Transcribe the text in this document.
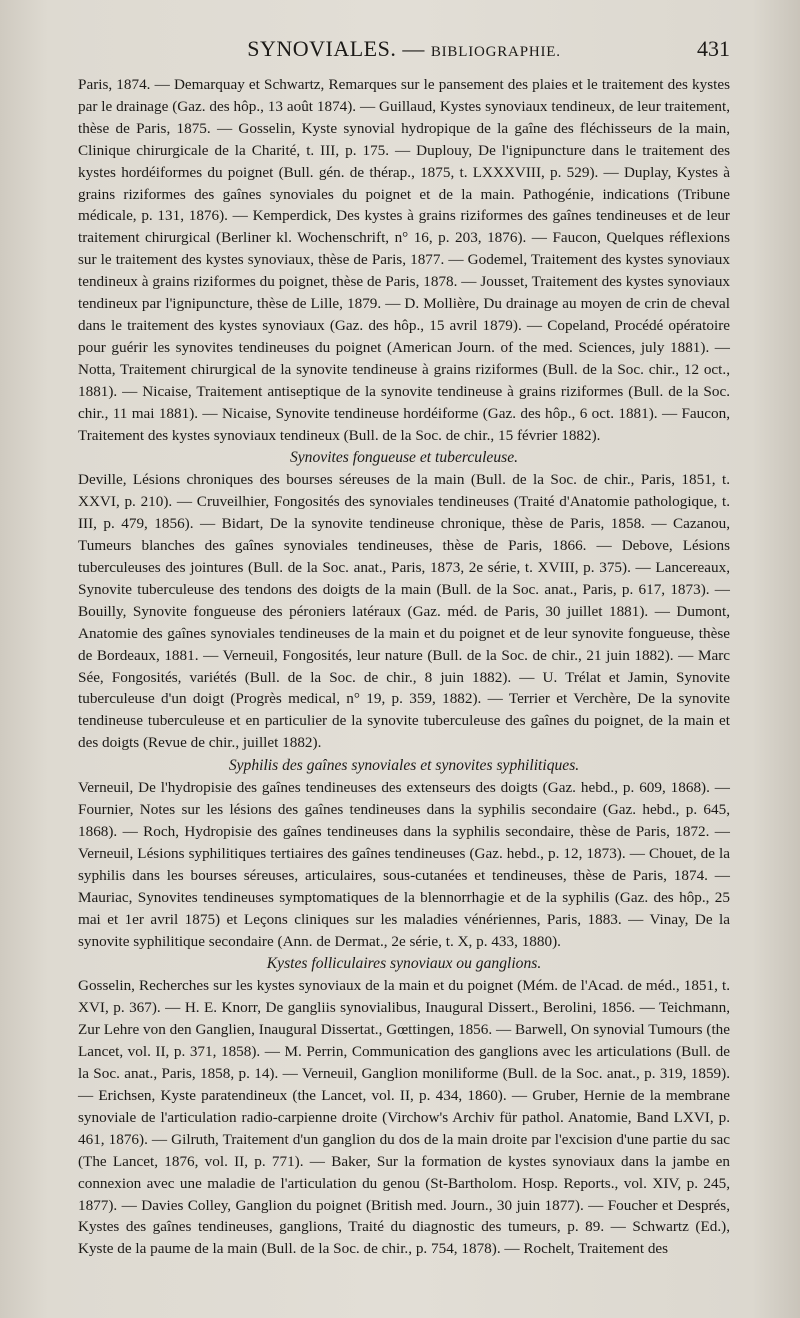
SYNOVIALES. — BIBLIOGRAPHIE.	431

Paris, 1874. — Demarquay et Schwartz, Remarques sur le pansement des plaies et le traitement des kystes par le drainage (Gaz. des hôp., 13 août 1874). — Guillaud, Kystes synoviaux tendineux, de leur traitement, thèse de Paris, 1875. — Gosselin, Kyste synovial hydropique de la gaîne des fléchisseurs de la main, Clinique chirurgicale de la Charité, t. III, p. 175. — Duplouy, De l'ignipuncture dans le traitement des kystes hordéiformes du poignet (Bull. gén. de thérap., 1875, t. LXXXVIII, p. 529). — Duplay, Kystes à grains riziformes des gaînes synoviales du poignet et de la main. Pathogénie, indications (Tribune médicale, p. 131, 1876). — Kemperdick, Des kystes à grains riziformes des gaînes tendineuses et de leur traitement chirurgical (Berliner kl. Wochenschrift, n° 16, p. 203, 1876). — Faucon, Quelques réflexions sur le traitement des kystes synoviaux, thèse de Paris, 1877. — Godemel, Traitement des kystes synoviaux tendineux à grains riziformes du poignet, thèse de Paris, 1878. — Jousset, Traitement des kystes synoviaux tendineux par l'ignipuncture, thèse de Lille, 1879. — D. Mollière, Du drainage au moyen de crin de cheval dans le traitement des kystes synoviaux (Gaz. des hôp., 15 avril 1879). — Copeland, Procédé opératoire pour guérir les synovites tendineuses du poignet (American Journ. of the med. Sciences, july 1881). — Notta, Traitement chirurgical de la synovite tendineuse à grains riziformes (Bull. de la Soc. chir., 12 oct., 1881). — Nicaise, Traitement antiseptique de la synovite tendineuse à grains riziformes (Bull. de la Soc. chir., 11 mai 1881). — Nicaise, Synovite tendineuse hordéiforme (Gaz. des hôp., 6 oct. 1881). — Faucon, Traitement des kystes synoviaux tendineux (Bull. de la Soc. de chir., 15 février 1882).

Synovites fongueuse et tuberculeuse.

Deville, Lésions chroniques des bourses séreuses de la main (Bull. de la Soc. de chir., Paris, 1851, t. XXVI, p. 210). — Cruveilhier, Fongosités des synoviales tendineuses (Traité d'Anatomie pathologique, t. III, p. 479, 1856). — Bidart, De la synovite tendineuse chronique, thèse de Paris, 1858. — Cazanou, Tumeurs blanches des gaînes synoviales tendineuses, thèse de Paris, 1866. — Debove, Lésions tuberculeuses des jointures (Bull. de la Soc. anat., Paris, 1873, 2e série, t. XVIII, p. 375). — Lancereaux, Synovite tuberculeuse des tendons des doigts de la main (Bull. de la Soc. anat., Paris, p. 617, 1873). — Bouilly, Synovite fongueuse des péroniers latéraux (Gaz. méd. de Paris, 30 juillet 1881). — Dumont, Anatomie des gaînes synoviales tendineuses de la main et du poignet et de leur synovite fongueuse, thèse de Bordeaux, 1881. — Verneuil, Fongosités, leur nature (Bull. de la Soc. de chir., 21 juin 1882). — Marc Sée, Fongosités, variétés (Bull. de la Soc. de chir., 8 juin 1882). — U. Trélat et Jamin, Synovite tuberculeuse d'un doigt (Progrès medical, n° 19, p. 359, 1882). — Terrier et Verchère, De la synovite tendineuse tuberculeuse et en particulier de la synovite tuberculeuse des gaînes du poignet, de la main et des doigts (Revue de chir., juillet 1882).

Syphilis des gaînes synoviales et synovites syphilitiques.

Verneuil, De l'hydropisie des gaînes tendineuses des extenseurs des doigts (Gaz. hebd., p. 609, 1868). — Fournier, Notes sur les lésions des gaînes tendineuses dans la syphilis secondaire (Gaz. hebd., p. 645, 1868). — Roch, Hydropisie des gaînes tendineuses dans la syphilis secondaire, thèse de Paris, 1872. — Verneuil, Lésions syphilitiques tertiaires des gaînes tendineuses (Gaz. hebd., p. 12, 1873). — Chouet, de la syphilis dans les bourses séreuses, articulaires, sous-cutanées et tendineuses, thèse de Paris, 1874. — Mauriac, Synovites tendineuses symptomatiques de la blennorrhagie et de la syphilis (Gaz. des hôp., 25 mai et 1er avril 1875) et Leçons cliniques sur les maladies vénériennes, Paris, 1883. — Vinay, De la synovite syphilitique secondaire (Ann. de Dermat., 2e série, t. X, p. 433, 1880).

Kystes folliculaires synoviaux ou ganglions.

Gosselin, Recherches sur les kystes synoviaux de la main et du poignet (Mém. de l'Acad. de méd., 1851, t. XVI, p. 367). — H. E. Knorr, De gangliis synovialibus, Inaugural Dissert., Berolini, 1856. — Teichmann, Zur Lehre von den Ganglien, Inaugural Dissertat., Gœttingen, 1856. — Barwell, On synovial Tumours (the Lancet, vol. II, p. 371, 1858). — M. Perrin, Communication des ganglions avec les articulations (Bull. de la Soc. anat., Paris, 1858, p. 14). — Verneuil, Ganglion moniliforme (Bull. de la Soc. anat., p. 319, 1859). — Erichsen, Kyste paratendineux (the Lancet, vol. II, p. 434, 1860). — Gruber, Hernie de la membrane synoviale de l'articulation radio-carpienne droite (Virchow's Archiv für pathol. Anatomie, Band LXVI, p. 461, 1876). — Gilruth, Traitement d'un ganglion du dos de la main droite par l'excision d'une partie du sac (The Lancet, 1876, vol. II, p. 771). — Baker, Sur la formation de kystes synoviaux dans la jambe en connexion avec une maladie de l'articulation du genou (St-Bartholom. Hosp. Reports., vol. XIV, p. 245, 1877). — Davies Colley, Ganglion du poignet (British med. Journ., 30 juin 1877). — Foucher et Després, Kystes des gaînes tendineuses, ganglions, Traité du diagnostic des tumeurs, p. 89. — Schwartz (Ed.), Kyste de la paume de la main (Bull. de la Soc. de chir., p. 754, 1878). — Rochelt, Traitement des
